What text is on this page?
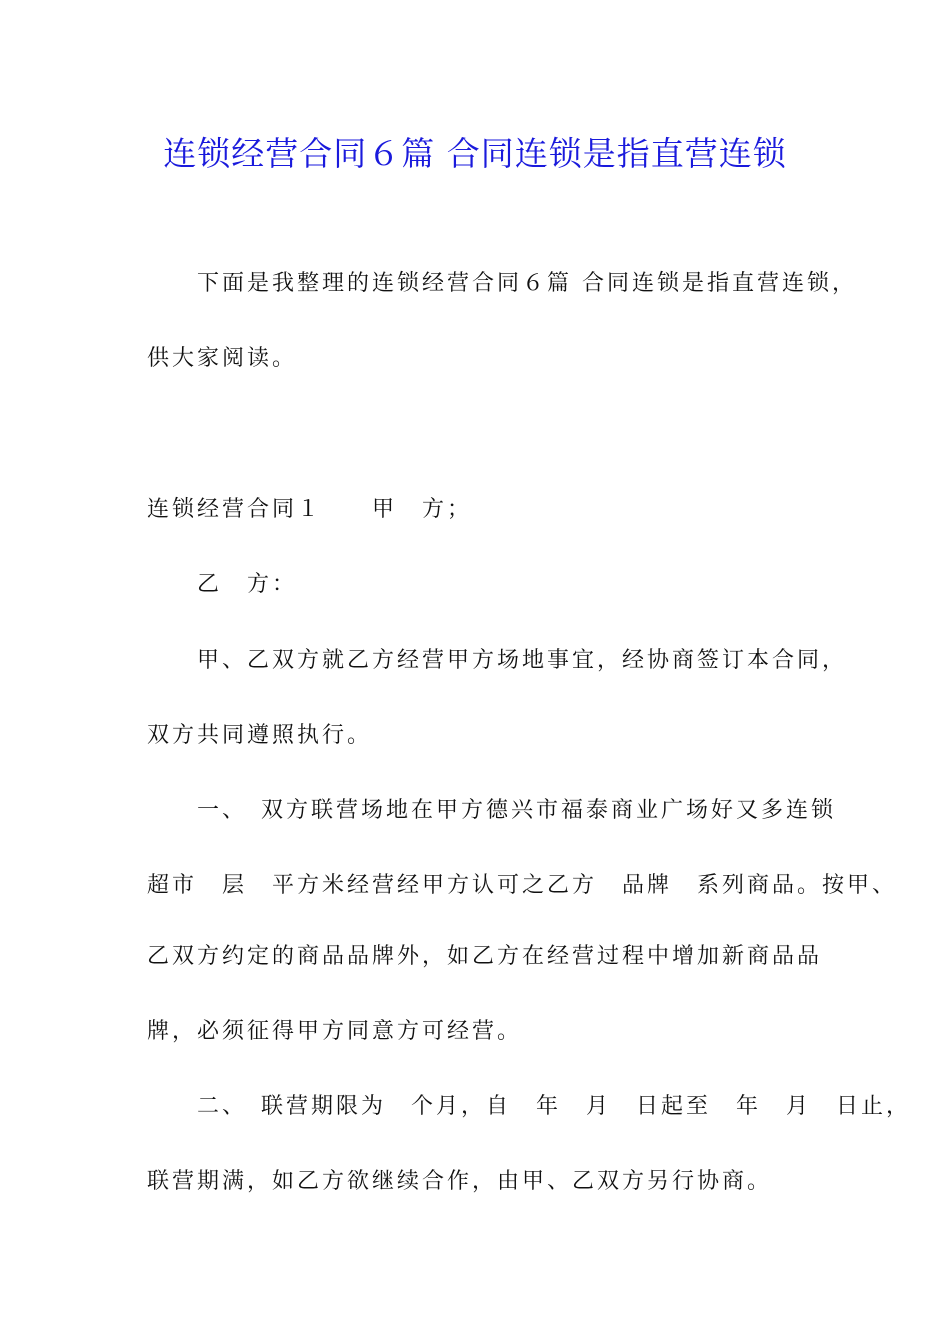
连锁经营合同６篇 合同连锁是指直营连锁
　　下面是我整理的连锁经营合同６篇 合同连锁是指直营连锁，
供大家阅读。
连锁经营合同１　　甲　方；
　　乙　方：
　　甲、乙双方就乙方经营甲方场地事宜，经协商签订本合同，
双方共同遵照执行。
　　一、　双方联营场地在甲方德兴市福泰商业广场好又多连锁
超市　层　平方米经营经甲方认可之乙方　品牌　系列商品。按甲、
乙双方约定的商品品牌外，如乙方在经营过程中增加新商品品
牌，必须征得甲方同意方可经营。
　　二、　联营期限为　个月，自　年　月　日起至　年　月　日止，
联营期满，如乙方欲继续合作，由甲、乙双方另行协商。
